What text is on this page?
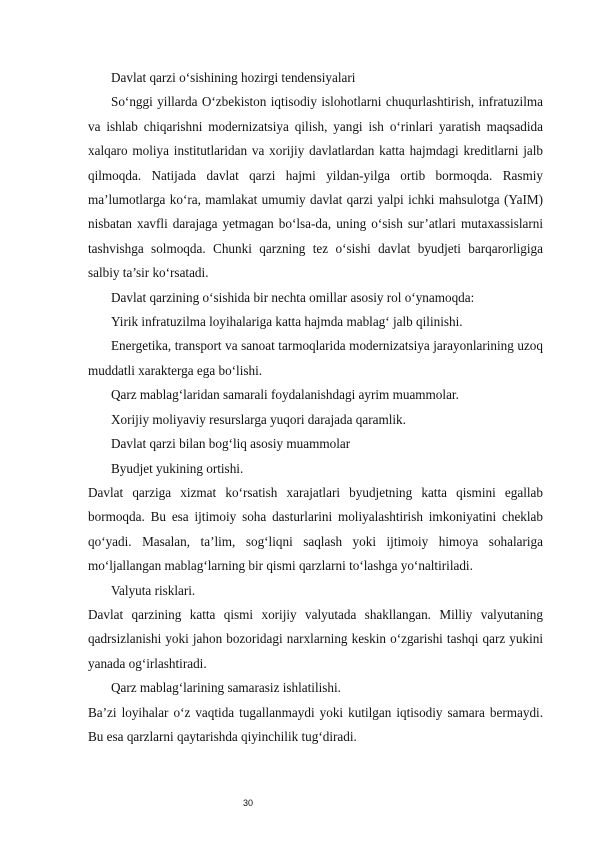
Davlat qarzi o‘sishining hozirgi tendensiyalari

So‘nggi yillarda O‘zbekiston iqtisodiy islohotlarni chuqurlashtirish, infratuzilma va ishlab chiqarishni modernizatsiya qilish, yangi ish o‘rinlari yaratish maqsadida xalqaro moliya institutlaridan va xorijiy davlatlardan katta hajmdagi kreditlarni jalb qilmoqda. Natijada davlat qarzi hajmi yildan-yilga ortib bormoqda. Rasmiy ma’lumotlarga ko‘ra, mamlakat umumiy davlat qarzi yalpi ichki mahsulotga (YaIM) nisbatan xavfli darajaga yetmagan bo‘lsa-da, uning o‘sish sur’atlari mutaxassislarni tashvishga solmoqda. Chunki qarzning tez o‘sishi davlat byudjeti barqarorligiga salbiy ta’sir ko‘rsatadi.

Davlat qarzining o‘sishida bir nechta omillar asosiy rol o‘ynamoqda:

Yirik infratuzilma loyihalariga katta hajmda mablag‘ jalb qilinishi.

Energetika, transport va sanoat tarmoqlarida modernizatsiya jarayonlarining uzoq muddatli xarakterga ega bo‘lishi.

Qarz mablag‘laridan samarali foydalanishdagi ayrim muammolar.

Xorijiy moliyaviy resurslarga yuqori darajada qaramlik.

Davlat qarzi bilan bog‘liq asosiy muammolar

Byudjet yukining ortishi.

Davlat qarziga xizmat ko‘rsatish xarajatlari byudjetning katta qismini egallab bormoqda. Bu esa ijtimoiy soha dasturlarini moliyalashtirish imkoniyatini cheklab qo‘yadi. Masalan, ta’lim, sog‘liqni saqlash yoki ijtimoiy himoya sohalariga mo‘ljallangan mablag‘larning bir qismi qarzlarni to‘lashga yo‘naltiriladi.

Valyuta risklari.

Davlat qarzining katta qismi xorijiy valyutada shakllangan. Milliy valyutaning qadrsizlanishi yoki jahon bozoridagi narxlarning keskin o‘zgarishi tashqi qarz yukini yanada og‘irlashtiradi.

Qarz mablag‘larining samarasiz ishlatilishi.

Ba’zi loyihalar o‘z vaqtida tugallanmaydi yoki kutilgan iqtisodiy samara bermaydi. Bu esa qarzlarni qaytarishda qiyinchilik tug‘diradi.

30
